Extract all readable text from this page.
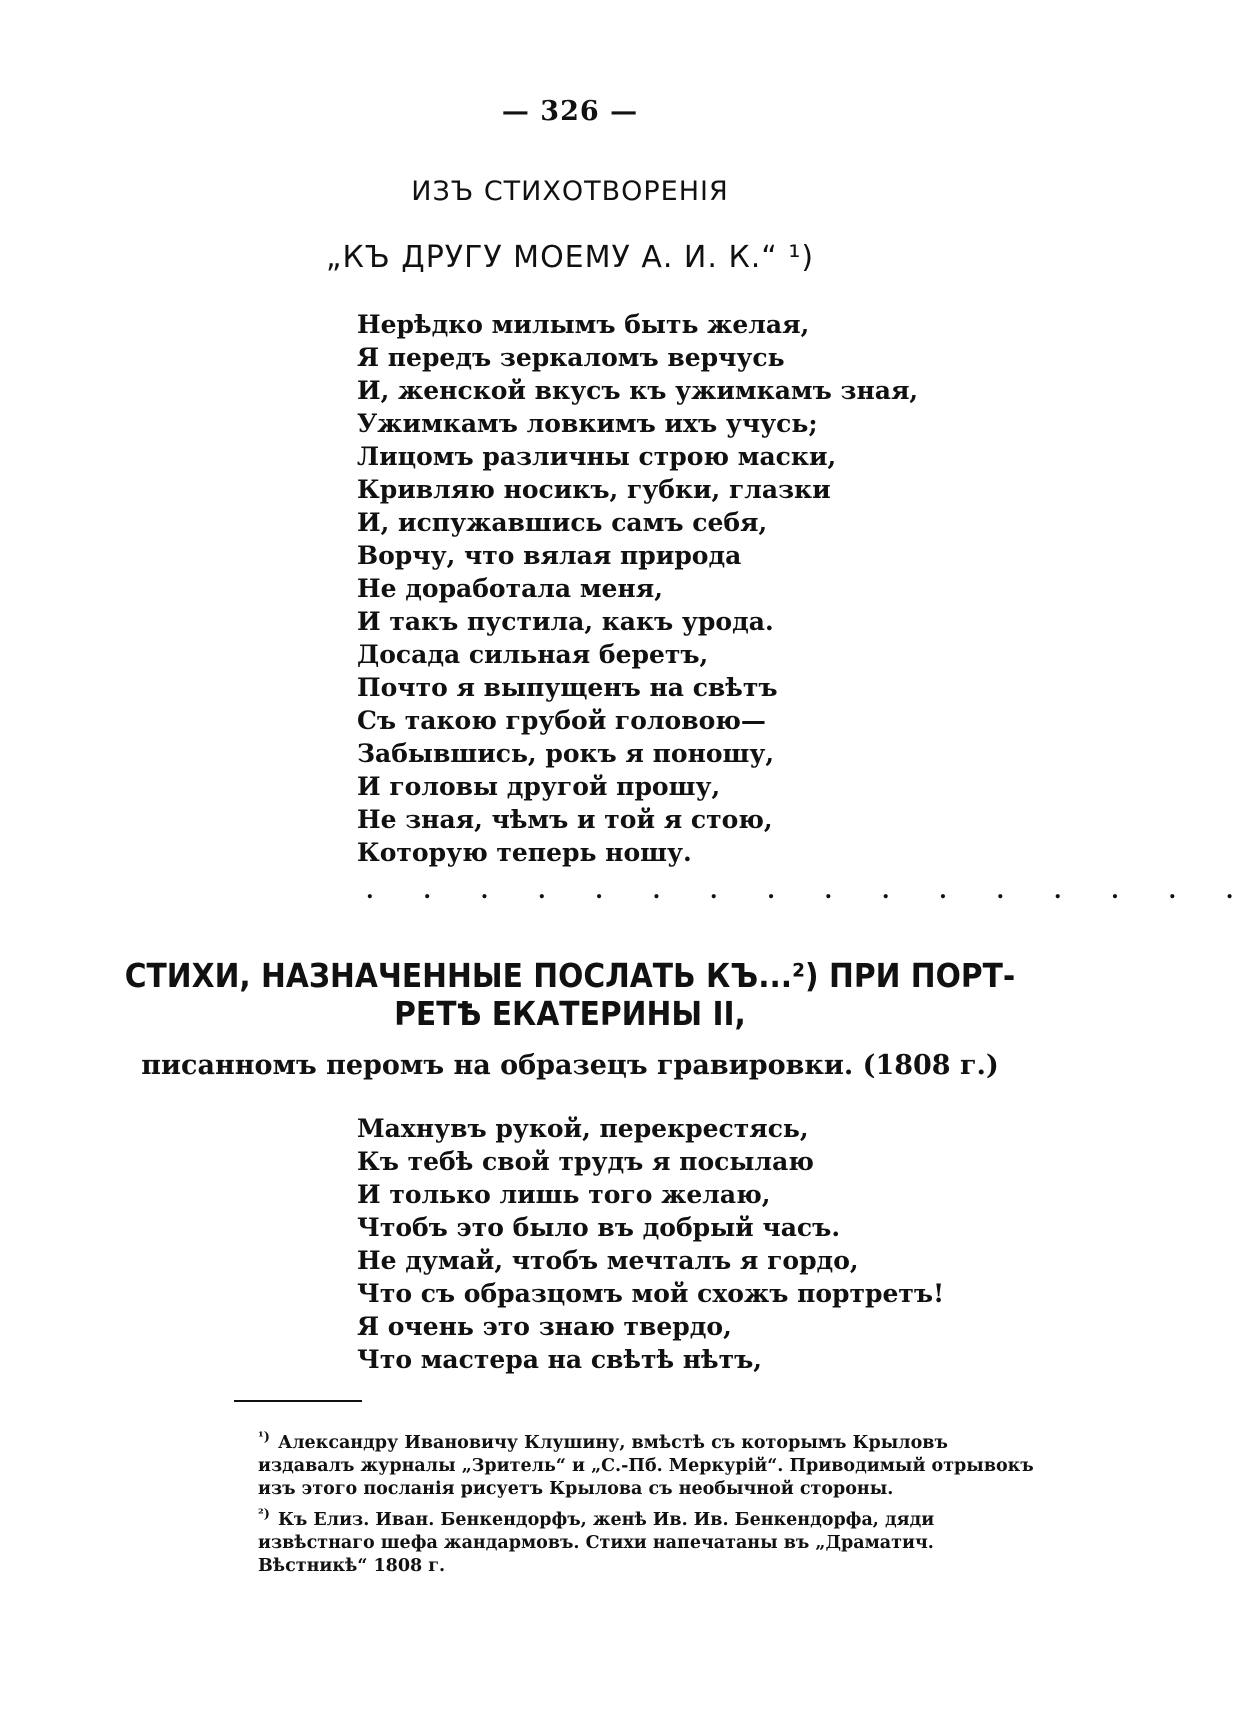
— 326 —
ИЗЪ СТИХОТВОРЕНІЯ
„КЪ ДРУГУ МОЕМУ А. И. К.“ ¹)
Нерѣдко милымъ быть желая,
Я передъ зеркаломъ верчусь
И, женской вкусъ къ ужимкамъ зная,
Ужимкамъ ловкимъ ихъ учусь;
Лицомъ различны строю маски,
Кривляю носикъ, губки, глазки
И, испужавшись самъ себя,
Ворчу, что вялая природа
Не доработала меня,
И такъ пустила, какъ урода.
Досада сильная беретъ,
Почто я выпущенъ на свѣтъ
Съ такою грубой головою—
Забывшись, рокъ я поношу,
И головы другой прошу,
Не зная, чѣмъ и той я стою,
Которую теперь ношу.
. . . . . . . . . . . . . . . .
СТИХИ, НАЗНАЧЕННЫЕ ПОСЛАТЬ КЪ...²) ПРИ ПОРТ-
РЕТѢ ЕКАТЕРИНЫ II,
писанномъ перомъ на образецъ гравировки. (1808 г.)
Махнувъ рукой, перекрестясь,
Къ тебѣ свой трудъ я посылаю
И только лишь того желаю,
Чтобъ это было въ добрый часъ.
Не думай, чтобъ мечталъ я гордо,
Что съ образцомъ мой схожъ портретъ!
Я очень это знаю твердо,
Что мастера на свѣтѣ нѣтъ,

$^{^1)}$ Александру Ивановичу Клушину, вмѣстѣ съ которымъ Крыловъ издавалъ журналы „Зритель“ и „С.-Пб. Меркурій“. Приводимый отрывокъ изъ этого посланія рисуетъ Крылова съ необычной стороны.

$^{^2)}$ Къ Елиз. Иван. Бенкендорфъ, женѣ Ив. Ив. Бенкендорфа, дяди извѣстнаго шефа жандармовъ. Стихи напечатаны въ „Драматич. Вѣстникѣ“ 1808 г.
